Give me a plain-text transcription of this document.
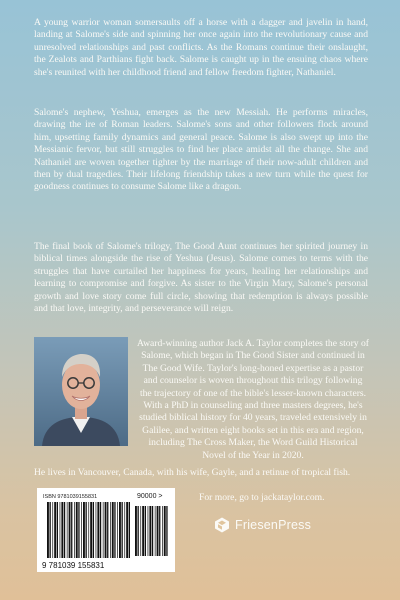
A young warrior woman somersaults off a horse with a dagger and javelin in hand, landing at Salome's side and spinning her once again into the revolutionary cause and unresolved relationships and past conflicts. As the Romans continue their onslaught, the Zealots and Parthians fight back. Salome is caught up in the ensuing chaos where she's reunited with her childhood friend and fellow freedom fighter, Nathaniel.

Salome's nephew, Yeshua, emerges as the new Messiah. He performs miracles, drawing the ire of Roman leaders. Salome's sons and other followers flock around him, upsetting family dynamics and general peace. Salome is also swept up into the Messianic fervor, but still struggles to find her place amidst all the change. She and Nathaniel are woven together tighter by the marriage of their now-adult children and then by dual tragedies. Their lifelong friendship takes a new turn while the quest for goodness continues to consume Salome like a dragon.

The final book of Salome's trilogy, The Good Aunt continues her spirited journey in biblical times alongside the rise of Yeshua (Jesus). Salome comes to terms with the struggles that have curtailed her happiness for years, healing her relationships and learning to compromise and forgive. As sister to the Virgin Mary, Salome's personal growth and love story come full circle, showing that redemption is always possible and that love, integrity, and perseverance will reign.

Award-winning author Jack A. Taylor completes the story of Salome, which began in The Good Sister and continued in The Good Wife. Taylor's long-honed expertise as a pastor and counselor is woven throughout this trilogy following the trajectory of one of the bible's lesser-known characters. With a PhD in counseling and three masters degrees, he's studied biblical history for 40 years, traveled extensively in Galilee, and written eight books set in this era and region, including The Cross Maker, the Word Guild Historical Novel of the Year in 2020.

He lives in Vancouver, Canada, with his wife, Gayle, and a retinue of tropical fish.

ISBN 9781039155831	90000 >
9 781039 155831

For more, go to jackataylor.com.

FriesenPress
